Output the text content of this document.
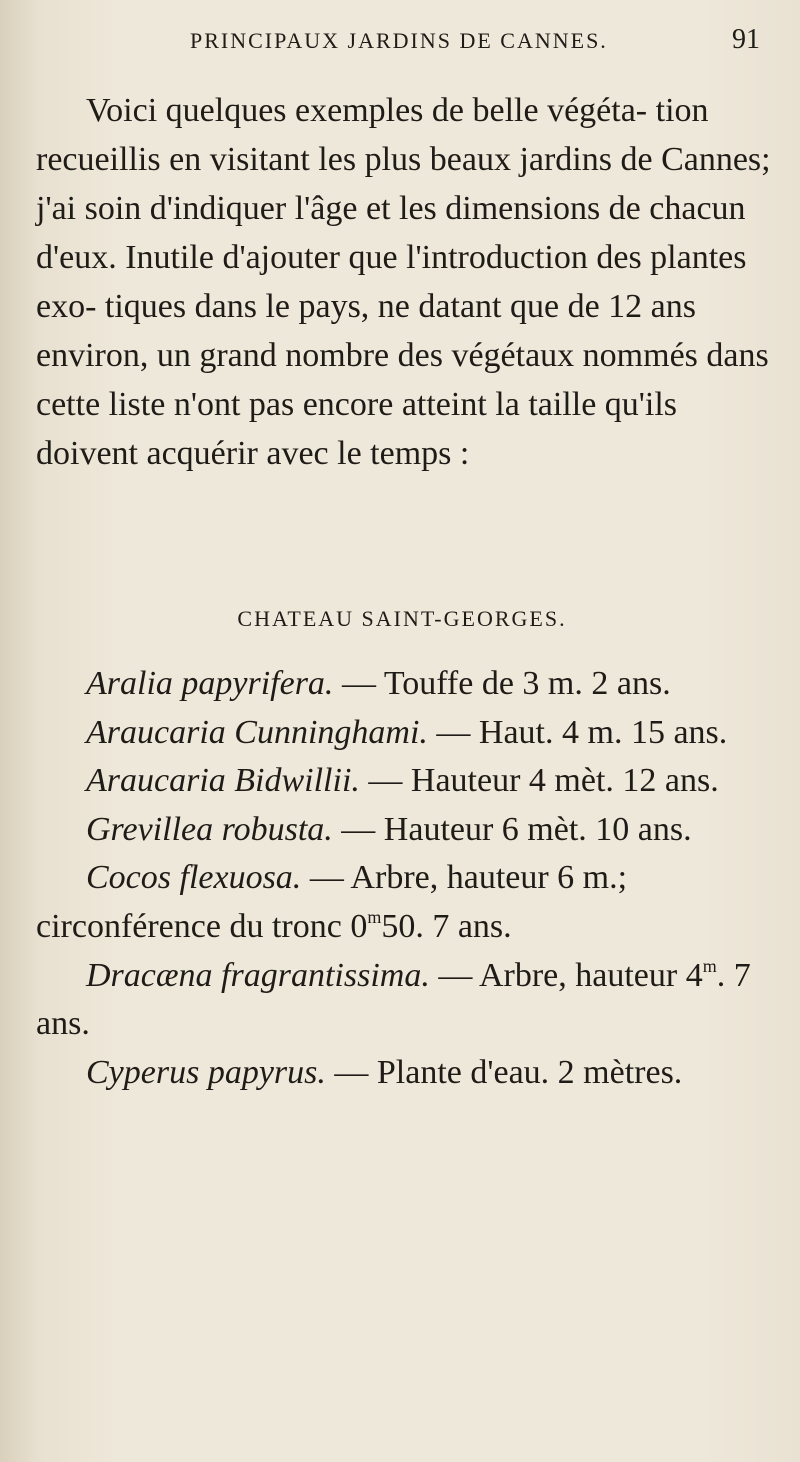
PRINCIPAUX JARDINS DE CANNES.	91

Voici quelques exemples de belle végéta- tion recueillis en visitant les plus beaux jardins de Cannes; j'ai soin d'indiquer l'âge et les dimensions de chacun d'eux. Inutile d'ajouter que l'introduction des plantes exo- tiques dans le pays, ne datant que de 12 ans environ, un grand nombre des végétaux nommés dans cette liste n'ont pas encore atteint la taille qu'ils doivent acquérir avec le temps :

CHATEAU SAINT-GEORGES.

Aralia papyrifera. — Touffe de 3 m. 2 ans.

Araucaria Cunninghami. — Haut. 4 m. 15 ans.

Araucaria Bidwillii. — Hauteur 4 mèt. 12 ans.

Grevillea robusta. — Hauteur 6 mèt. 10 ans.

Cocos flexuosa. — Arbre, hauteur 6 m.; circonférence du tronc 0$^m$50. 7 ans.

Dracæna fragrantissima. — Arbre, hauteur 4$^m$. 7 ans.

Cyperus papyrus. — Plante d'eau. 2 mètres.
